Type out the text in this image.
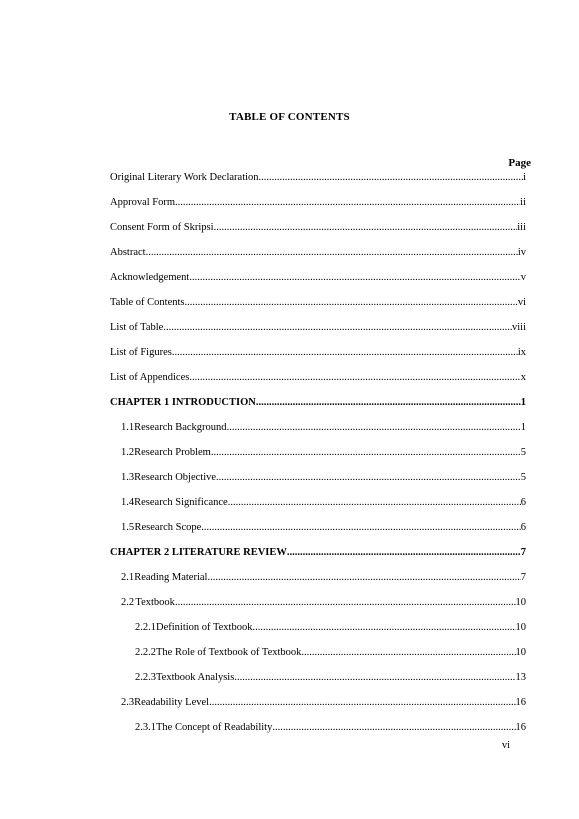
TABLE OF CONTENTS
Page
Original Literary Work Declaration .....	i
Approval Form .....	ii
Consent Form of Skripsi .....	iii
Abstract .....	iv
Acknowledgement .....	v
Table of Contents .....	vi
List of Table .....	viii
List of Figures .....	ix
List of Appendices .....	x
CHAPTER 1 INTRODUCTION .....	1
1.1 Research Background .....	1
1.2 Research Problem .....	5
1.3 Research Objective .....	5
1.4 Research Significance .....	6
1.5 Research Scope .....	6
CHAPTER 2 LITERATURE REVIEW .....	7
2.1 Reading Material .....	7
2.2 Textbook .....	10
2.2.1 Definition of Textbook .....	10
2.2.2 The Role of Textbook of Textbook .....	10
2.2.3 Textbook Analysis .....	13
2.3 Readability Level .....	16
2.3.1 The Concept of Readability .....	16
vi
